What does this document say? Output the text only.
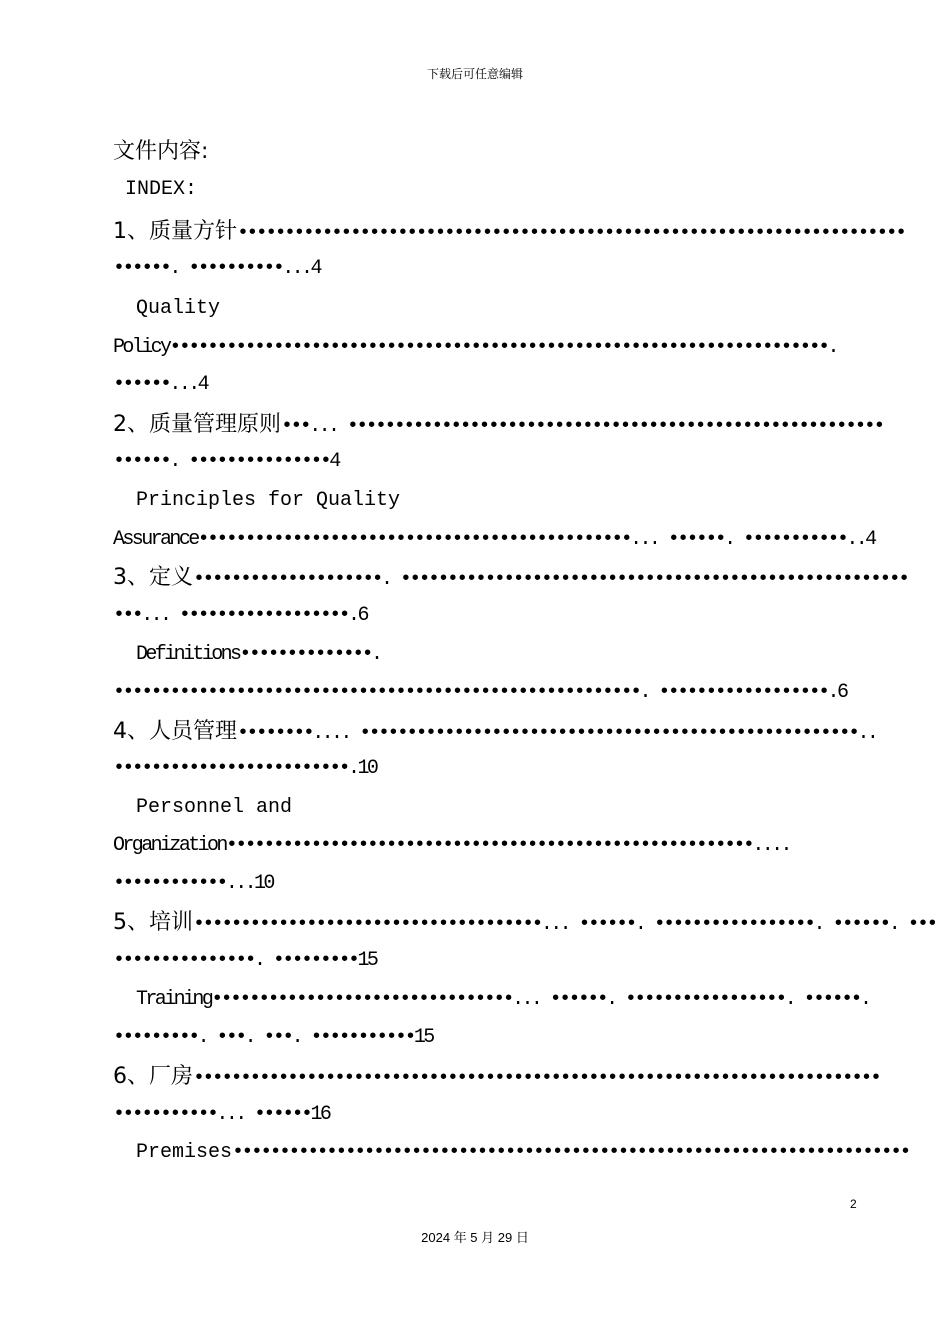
下载后可任意编辑
文件内容:
INDEX:
1、质量方针•••••••••••••••••••••••••••••••••••••••••••••••••••••••••••••••••••••••
••••••. ••••••••••...4
Quality
Policy••••••••••••••••••••••••••••••••••••••••••••••••••••••••••••••••••••••.
••••••...4
2、质量管理原则•••... •••••••••••••••••••••••••••••••••••••••••••••••••••••••••
••••••. •••••••••••••••4
Principles for Quality
Assurance••••••••••••••••••••••••••••••••••••••••••••••... ••••••. •••••••••••..4
3、定义••••••••••••••••••••. ••••••••••••••••••••••••••••••••••••••••••••••••••••••
•••... ••••••••••••••••••.6
Definitions••••••••••••••.
••••••••••••••••••••••••••••••••••••••••••••••••••••••••. ••••••••••••••••••.6
4、人员管理••••••••.... •••••••••••••••••••••••••••••••••••••••••••••••••••••..
•••••••••••••••••••••••••.10
Personnel and
Organization••••••••••••••••••••••••••••••••••••••••••••••••••••••••....
••••••••••••...10
5、培训•••••••••••••••••••••••••••••••••••••... ••••••. •••••••••••••••••. ••••••. •••
•••••••••••••••. •••••••••15
Training••••••••••••••••••••••••••••••••... ••••••. •••••••••••••••••. ••••••.
•••••••••. •••. •••. •••••••••••15
6、厂房•••••••••••••••••••••••••••••••••••••••••••••••••••••••••••••••••••••••••
•••••••••••... ••••••16
Premises••••••••••••••••••••••••••••••••••••••••••••••••••••••••••••••••••••••••
2
2024 年 5 月 29 日
